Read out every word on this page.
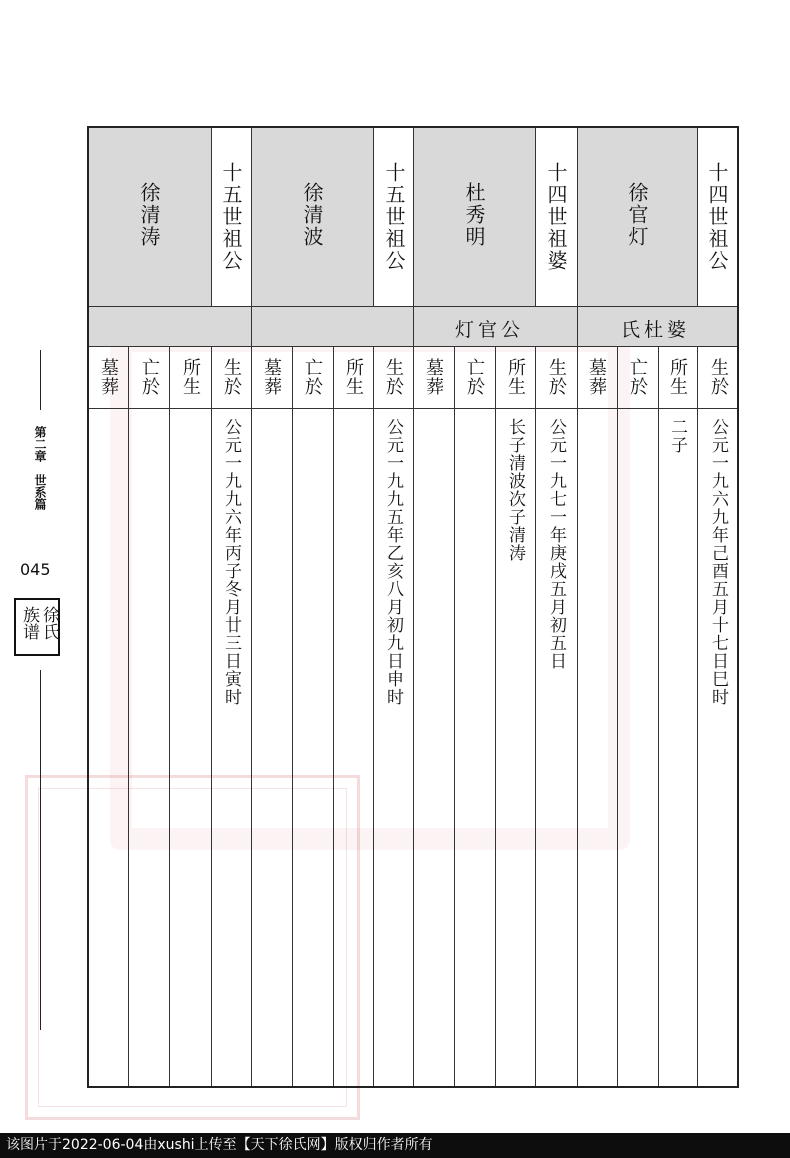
第二章　世系篇
045
族谱 徐氏
十四世祖公
徐官灯
十四世祖婆
杜秀明
十五世祖公
徐清波
十五世祖公
徐清涛
氏杜婆
灯官公
生於
所生
亡於
墓葬
公元一九六九年己酉五月十七日巳时
二子
生於
所生
亡於
墓葬
公元一九七一年庚戌五月初五日
长子清波次子清涛
生於
所生
亡於
墓葬
公元一九九五年乙亥八月初九日申时
生於
所生
亡於
墓葬
公元一九九六年丙子冬月廿三日寅时
该图片于2022-06-04由xushi上传至【天下徐氏网】版权归作者所有
